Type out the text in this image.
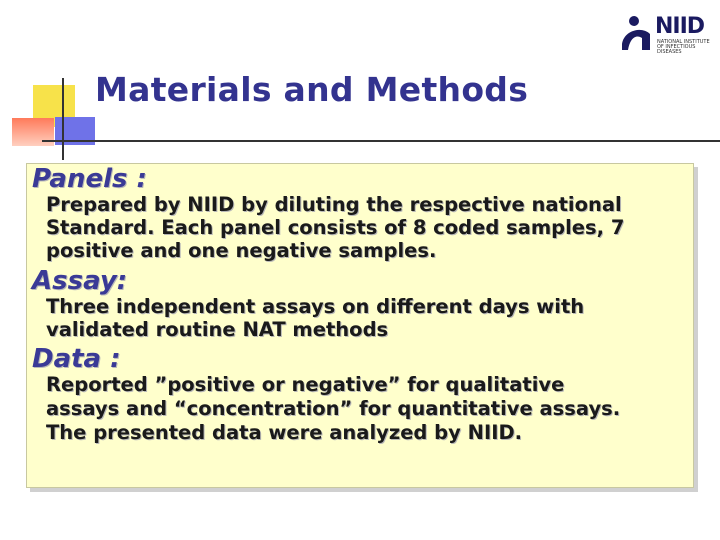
NIID
NATIONAL INSTITUTE OF INFECTIOUS DISEASES
Materials and Methods
Panels :
Prepared by NIID by diluting the respective national
Standard. Each panel consists of 8 coded samples, 7
positive and one negative samples.
Assay:
Three independent assays on different days with
validated routine NAT methods
Data :
Reported ”positive or negative” for qualitative
assays and “concentration” for quantitative assays.
The presented data were analyzed by NIID.
